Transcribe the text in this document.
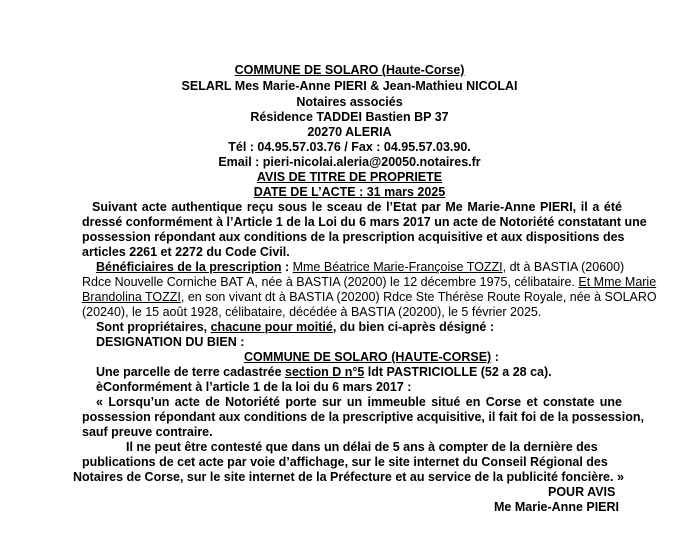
COMMUNE DE SOLARO (Haute-Corse)
SELARL Mes Marie-Anne PIERI & Jean-Mathieu NICOLAI
Notaires associés
Résidence TADDEI Bastien BP 37
20270 ALERIA
Tél : 04.95.57.03.76 / Fax : 04.95.57.03.90.
Email : pieri-nicolai.aleria@20050.notaires.fr
AVIS DE TITRE DE PROPRIETE
DATE DE L’ACTE : 31 mars 2025
Suivant acte authentique reçu sous le sceau de l’Etat par Me Marie-Anne PIERI, il a été
dressé conformément à l’Article 1 de la Loi du 6 mars 2017 un acte de Notoriété constatant une
possession répondant aux conditions de la prescription acquisitive et aux dispositions des
articles 2261 et 2272 du Code Civil.
Bénéficiaires de la prescription : Mme Béatrice Marie-Françoise TOZZI, dt à BASTIA (20600)
Rdce Nouvelle Corniche BAT A, née à BASTIA (20200) le 12 décembre 1975, célibataire. Et Mme Marie
Brandolina TOZZI, en son vivant dt à BASTIA (20200) Rdce Ste Thérèse Route Royale, née à SOLARO
(20240), le 15 août 1928, célibataire, décédée à BASTIA (20200), le 5 février 2025.
Sont propriétaires, chacune pour moitié, du bien ci-après désigné :
DESIGNATION DU BIEN :
COMMUNE DE SOLARO (HAUTE-CORSE) :
Une parcelle de terre cadastrée section D n°5 ldt PASTRICIOLLE (52 a 28 ca).
èConformément à l’article 1 de la loi du 6 mars 2017 :
« Lorsqu’un acte de Notoriété porte sur un immeuble situé en Corse et constate une
possession répondant aux conditions de la prescriptive acquisitive, il fait foi de la possession,
sauf preuve contraire.
Il ne peut être contesté que dans un délai de 5 ans à compter de la dernière des
publications de cet acte par voie d’affichage, sur le site internet du Conseil Régional des
Notaires de Corse, sur le site internet de la Préfecture et au service de la publicité foncière. »
POUR AVIS
Me Marie-Anne PIERI
